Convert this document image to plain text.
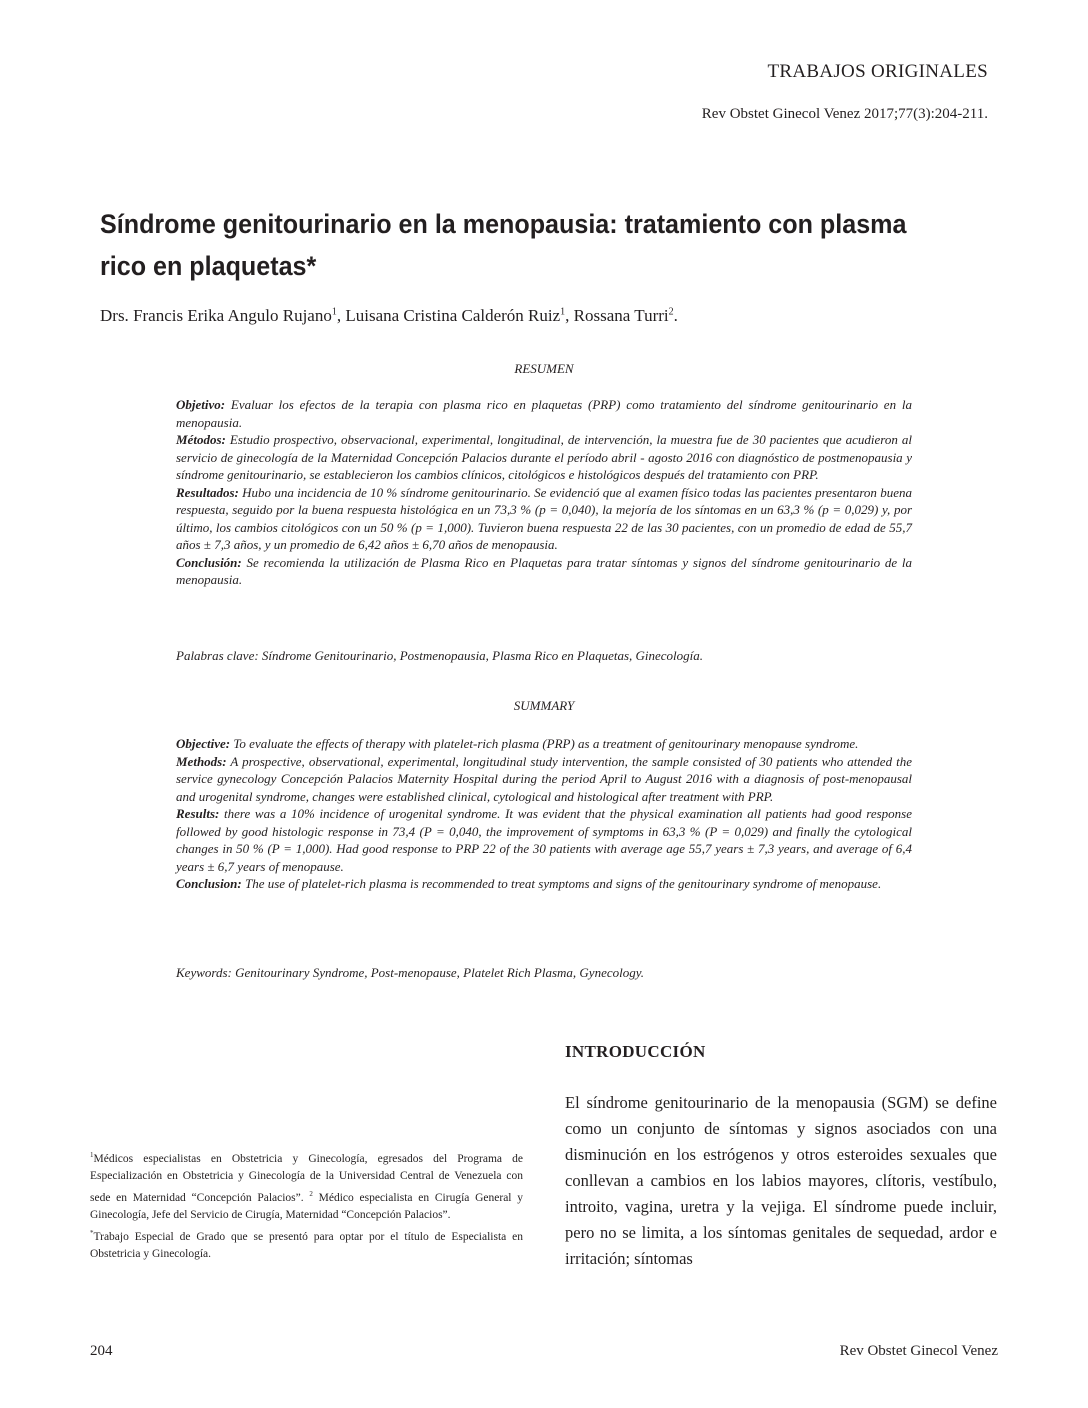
TRABAJOS ORIGINALES
Rev Obstet Ginecol Venez 2017;77(3):204-211.
Síndrome genitourinario en la menopausia: tratamiento con plasma rico en plaquetas*
Drs. Francis Erika Angulo Rujano$^1$, Luisana Cristina Calderón Ruiz$^1$, Rossana Turri$^2$.
RESUMEN

Objetivo: Evaluar los efectos de la terapia con plasma rico en plaquetas (PRP) como tratamiento del síndrome genitourinario en la menopausia.

Métodos: Estudio prospectivo, observacional, experimental, longitudinal, de intervención, la muestra fue de 30 pacientes que acudieron al servicio de ginecología de la Maternidad Concepción Palacios durante el período abril - agosto 2016 con diagnóstico de postmenopausia y síndrome genitourinario, se establecieron los cambios clínicos, citológicos e histológicos después del tratamiento con PRP.

Resultados: Hubo una incidencia de 10 % síndrome genitourinario. Se evidenció que al examen físico todas las pacientes presentaron buena respuesta, seguido por la buena respuesta histológica en un 73,3 % (p = 0,040), la mejoría de los síntomas en un 63,3 % (p = 0,029) y, por último, los cambios citológicos con un 50 % (p = 1,000). Tuvieron buena respuesta 22 de las 30 pacientes, con un promedio de edad de 55,7 años ± 7,3 años, y un promedio de 6,42 años ± 6,70 años de menopausia.

Conclusión: Se recomienda la utilización de Plasma Rico en Plaquetas para tratar síntomas y signos del síndrome genitourinario de la menopausia.

Palabras clave: Síndrome Genitourinario, Postmenopausia, Plasma Rico en Plaquetas, Ginecología.
SUMMARY

Objective: To evaluate the effects of therapy with platelet-rich plasma (PRP) as a treatment of genitourinary menopause syndrome.

Methods: A prospective, observational, experimental, longitudinal study intervention, the sample consisted of 30 patients who attended the service gynecology Concepción Palacios Maternity Hospital during the period April to August 2016 with a diagnosis of post-menopausal and urogenital syndrome, changes were established clinical, cytological and histological after treatment with PRP.

Results: there was a 10% incidence of urogenital syndrome. It was evident that the physical examination all patients had good response followed by good histologic response in 73,4 (P = 0,040, the improvement of symptoms in 63,3 % (P = 0,029) and finally the cytological changes in 50 % (P = 1,000). Had good response to PRP 22 of the 30 patients with average age 55,7 years ± 7,3 years, and average of 6,4 years ± 6,7 years of menopause.

Conclusion: The use of platelet-rich plasma is recommended to treat symptoms and signs of the genitourinary syndrome of menopause.

Keywords: Genitourinary Syndrome, Post-menopause, Platelet Rich Plasma, Gynecology.
INTRODUCCIÓN
El síndrome genitourinario de la menopausia (SGM) se define como un conjunto de síntomas y signos asociados con una disminución en los estrógenos y otros esteroides sexuales que conllevan a cambios en los labios mayores, clítoris, vestíbulo, introito, vagina, uretra y la vejiga. El síndrome puede incluir, pero no se limita, a los síntomas genitales de sequedad, ardor e irritación; síntomas

$^1$Médicos especialistas en Obstetricia y Ginecología, egresados del Programa de Especialización en Obstetricia y Ginecología de la Universidad Central de Venezuela con sede en Maternidad “Concepción Palacios”. $^2$ Médico especialista en Cirugía General y Ginecología, Jefe del Servicio de Cirugía, Maternidad “Concepción Palacios”.

*Trabajo Especial de Grado que se presentó para optar por el título de Especialista en Obstetricia y Ginecología.

204	Rev Obstet Ginecol Venez
